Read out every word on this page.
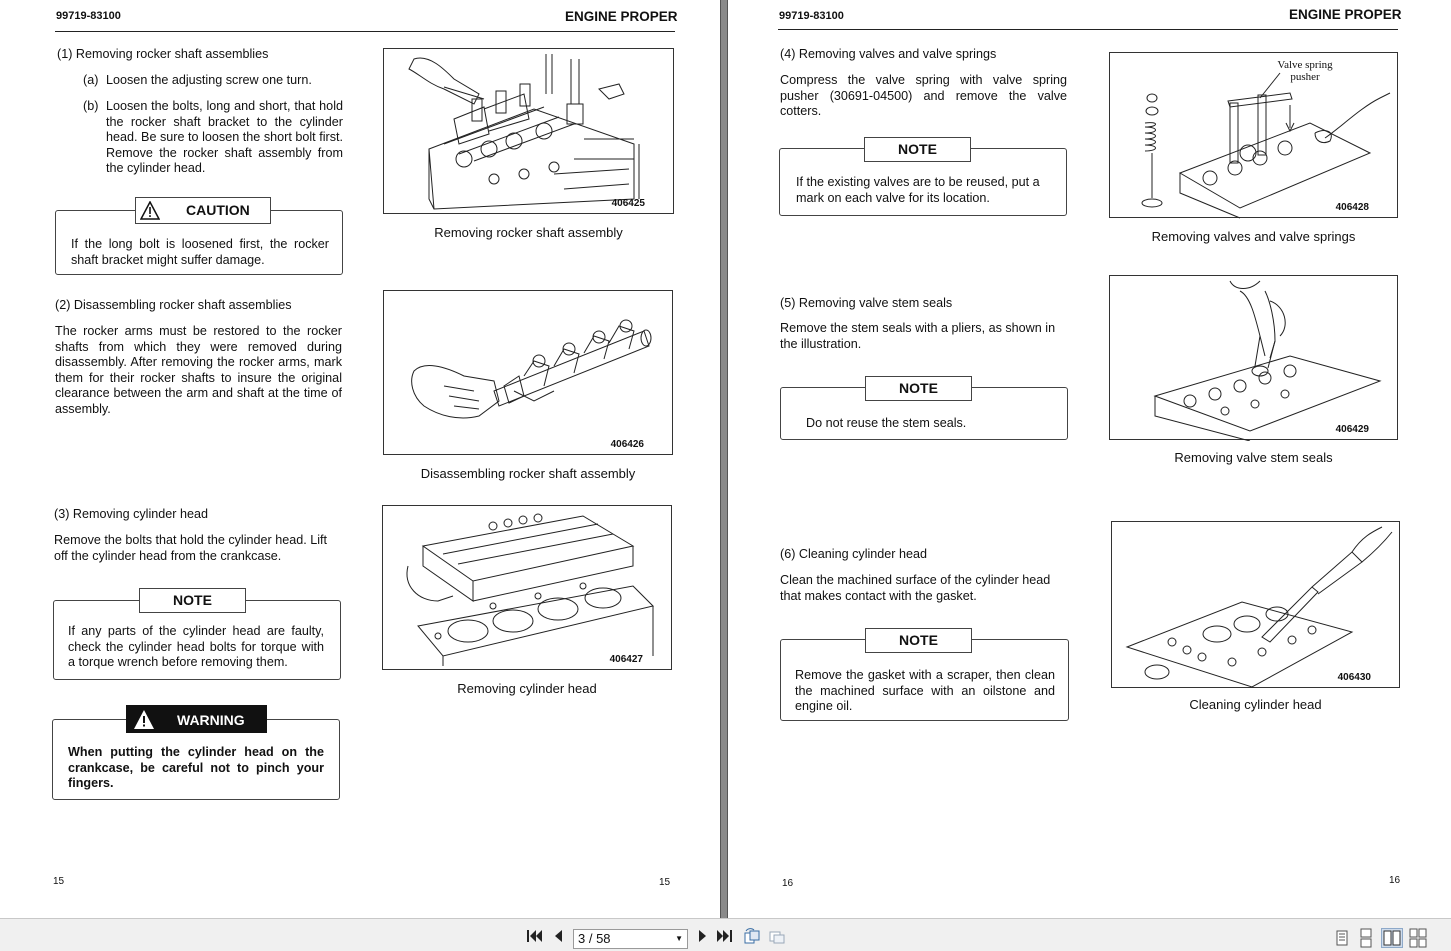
99719-83100	ENGINE PROPER
(1) Removing rocker shaft assemblies
(a) Loosen the adjusting screw one turn.
(b) Loosen the bolts, long and short, that hold the rocker shaft bracket to the cylinder head. Be sure to loosen the short bolt first. Remove the rocker shaft assembly from the cylinder head.
If the long bolt is loosened first, the rocker shaft bracket might suffer damage.
CAUTION	406425
Removing rocker shaft assembly
(2) Disassembling rocker shaft assemblies
The rocker arms must be restored to the rocker shafts from which they were removed during disassembly. After removing the rocker arms, mark them for their rocker shafts to insure the original clearance between the arm and shaft at the time of assembly.
406426
Disassembling rocker shaft assembly
(3) Removing cylinder head
Remove the bolts that hold the cylinder head. Lift off the cylinder head from the crankcase.
If any parts of the cylinder head are faulty, check the cylinder head bolts for torque with a torque wrench before removing them.
NOTE
406427
Removing cylinder head
When putting the cylinder head on the crankcase, be careful not to pinch your fingers.
WARNING
15	15
99719-83100	ENGINE PROPER
(4) Removing valves and valve springs
Compress the valve spring with valve spring pusher (30691-04500) and remove the valve cotters.
If the existing valves are to be reused, put a mark on each valve for its location.
NOTE
Valve spring pusher
406428
Removing valves and valve springs
(5) Removing valve stem seals
Remove the stem seals with a pliers, as shown in the illustration.
Do not reuse the stem seals.
NOTE
406429
Removing valve stem seals
(6) Cleaning cylinder head
Clean the machined surface of the cylinder head that makes contact with the gasket.
Remove the gasket with a scraper, then clean the machined surface with an oilstone and engine oil.
NOTE
406430
Cleaning cylinder head
16	16
3 / 58	▼
